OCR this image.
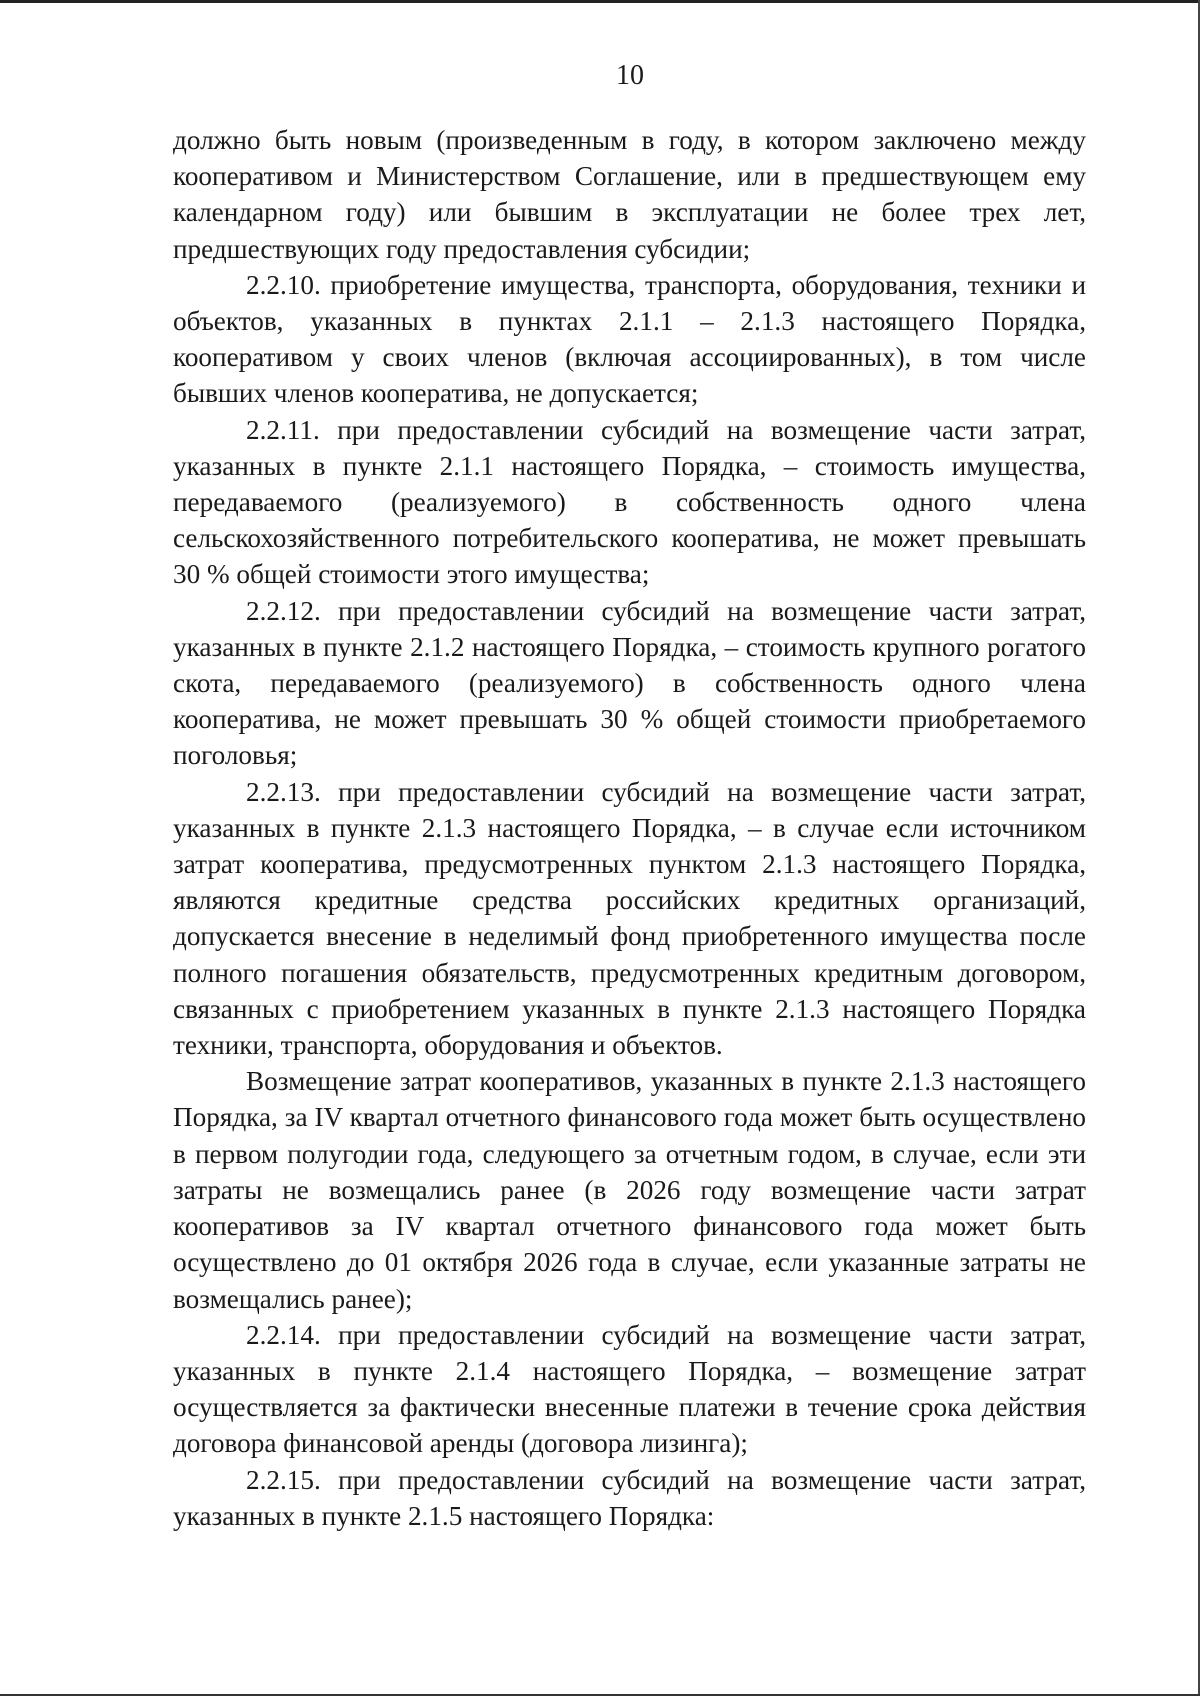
10

должно быть новым (произведенным в году, в котором заключено между кооперативом и Министерством Соглашение, или в предшествующем ему календарном году) или бывшим в эксплуатации не более трех лет, предшествующих году предоставления субсидии;

2.2.10. приобретение имущества, транспорта, оборудования, техники и объектов, указанных в пунктах 2.1.1 – 2.1.3 настоящего Порядка, кооперативом у своих членов (включая ассоциированных), в том числе бывших членов кооператива, не допускается;

2.2.11. при предоставлении субсидий на возмещение части затрат, указанных в пункте 2.1.1 настоящего Порядка, – стоимость имущества, передаваемого (реализуемого) в собственность одного члена сельскохозяйственного потребительского кооператива, не может превышать 30 % общей стоимости этого имущества;

2.2.12. при предоставлении субсидий на возмещение части затрат, указанных в пункте 2.1.2 настоящего Порядка, – стоимость крупного рогатого скота, передаваемого (реализуемого) в собственность одного члена кооператива, не может превышать 30 % общей стоимости приобретаемого поголовья;

2.2.13. при предоставлении субсидий на возмещение части затрат, указанных в пункте 2.1.3 настоящего Порядка, – в случае если источником затрат кооператива, предусмотренных пунктом 2.1.3 настоящего Порядка, являются кредитные средства российских кредитных организаций, допускается внесение в неделимый фонд приобретенного имущества после полного погашения обязательств, предусмотренных кредитным договором, связанных с приобретением указанных в пункте 2.1.3 настоящего Порядка техники, транспорта, оборудования и объектов.

Возмещение затрат кооперативов, указанных в пункте 2.1.3 настоящего Порядка, за IV квартал отчетного финансового года может быть осуществлено в первом полугодии года, следующего за отчетным годом, в случае, если эти затраты не возмещались ранее (в 2026 году возмещение части затрат кооперативов за IV квартал отчетного финансового года может быть осуществлено до 01 октября 2026 года в случае, если указанные затраты не возмещались ранее);

2.2.14. при предоставлении субсидий на возмещение части затрат, указанных в пункте 2.1.4 настоящего Порядка, – возмещение затрат осуществляется за фактически внесенные платежи в течение срока действия договора финансовой аренды (договора лизинга);

2.2.15. при предоставлении субсидий на возмещение части затрат, указанных в пункте 2.1.5 настоящего Порядка:
